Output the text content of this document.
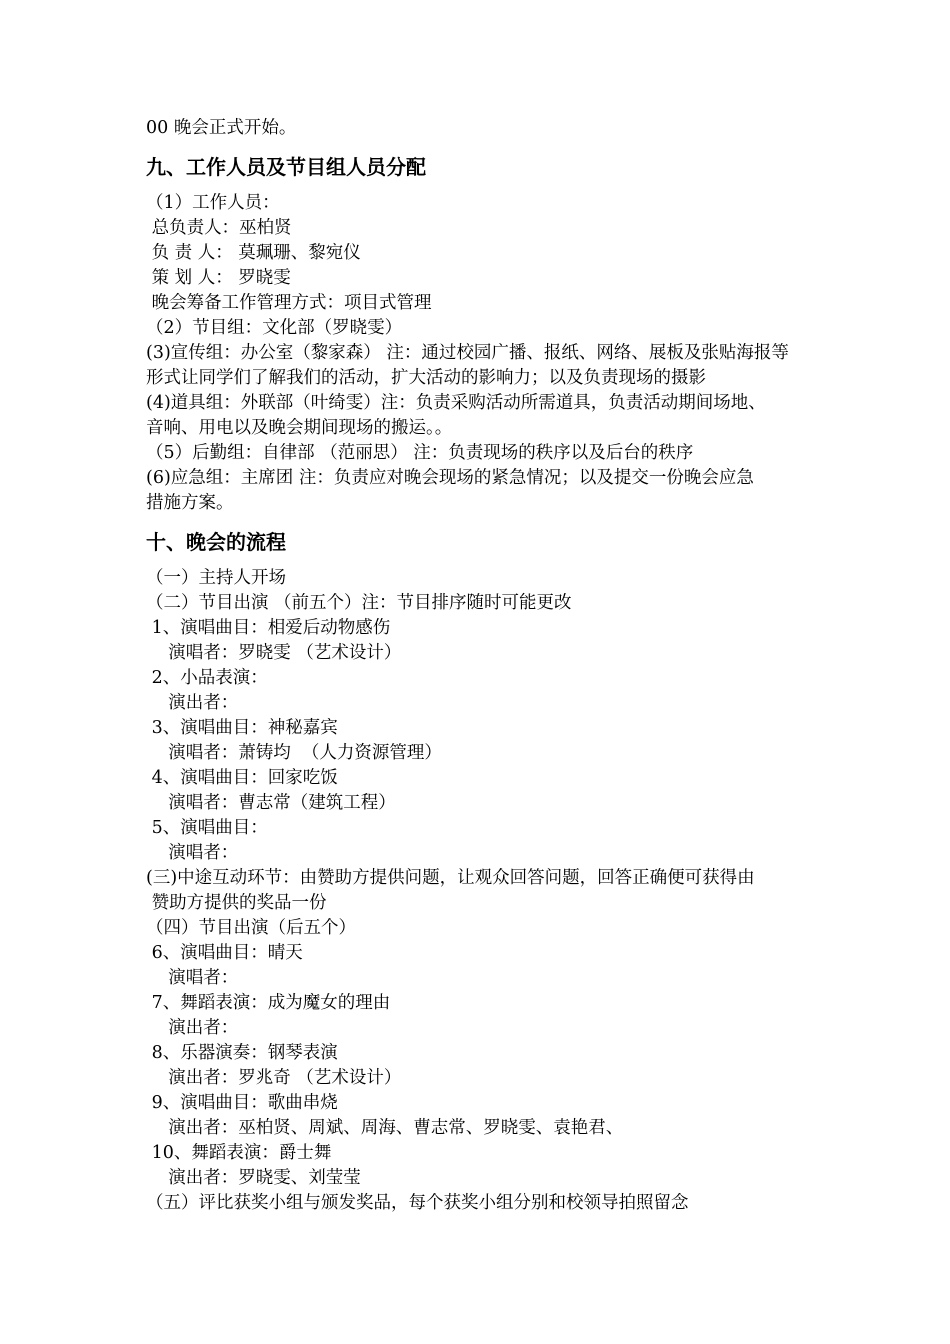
00 晚会正式开始。

九、工作人员及节目组人员分配

（1）工作人员：

总负责人：巫柏贤

负 责 人： 莫珮珊、黎宛仪

策 划 人： 罗晓雯

晚会筹备工作管理方式：项目式管理

（2）节目组：文化部（罗晓雯）

(3)宣传组：办公室（黎家森） 注：通过校园广播、报纸、网络、展板及张贴海报等

形式让同学们了解我们的活动，扩大活动的影响力；以及负责现场的摄影

(4)道具组：外联部（叶绮雯）注：负责采购活动所需道具，负责活动期间场地、

音响、用电以及晚会期间现场的搬运。。

（5）后勤组：自律部 （范丽思） 注：负责现场的秩序以及后台的秩序

(6)应急组：主席团 注：负责应对晚会现场的紧急情况；以及提交一份晚会应急

措施方案。

十、晚会的流程

（一）主持人开场

（二）节目出演 （前五个）注：节目排序随时可能更改

1、演唱曲目：相爱后动物感伤

演唱者：罗晓雯 （艺术设计）

2、小品表演：

演出者：

3、演唱曲目：神秘嘉宾

演唱者：萧铸均  （人力资源管理）

4、演唱曲目：回家吃饭

演唱者：曹志常（建筑工程）

5、演唱曲目：

演唱者：

(三)中途互动环节：由赞助方提供问题，让观众回答问题，回答正确便可获得由

赞助方提供的奖品一份

（四）节目出演（后五个）

6、演唱曲目：晴天

演唱者：

7、舞蹈表演：成为魔女的理由

演出者：

8、乐器演奏：钢琴表演

演出者：罗兆奇 （艺术设计）

9、演唱曲目：歌曲串烧

演出者：巫柏贤、周斌、周海、曹志常、罗晓雯、袁艳君、

10、舞蹈表演：爵士舞

演出者：罗晓雯、刘莹莹

（五）评比获奖小组与颁发奖品，每个获奖小组分别和校领导拍照留念
